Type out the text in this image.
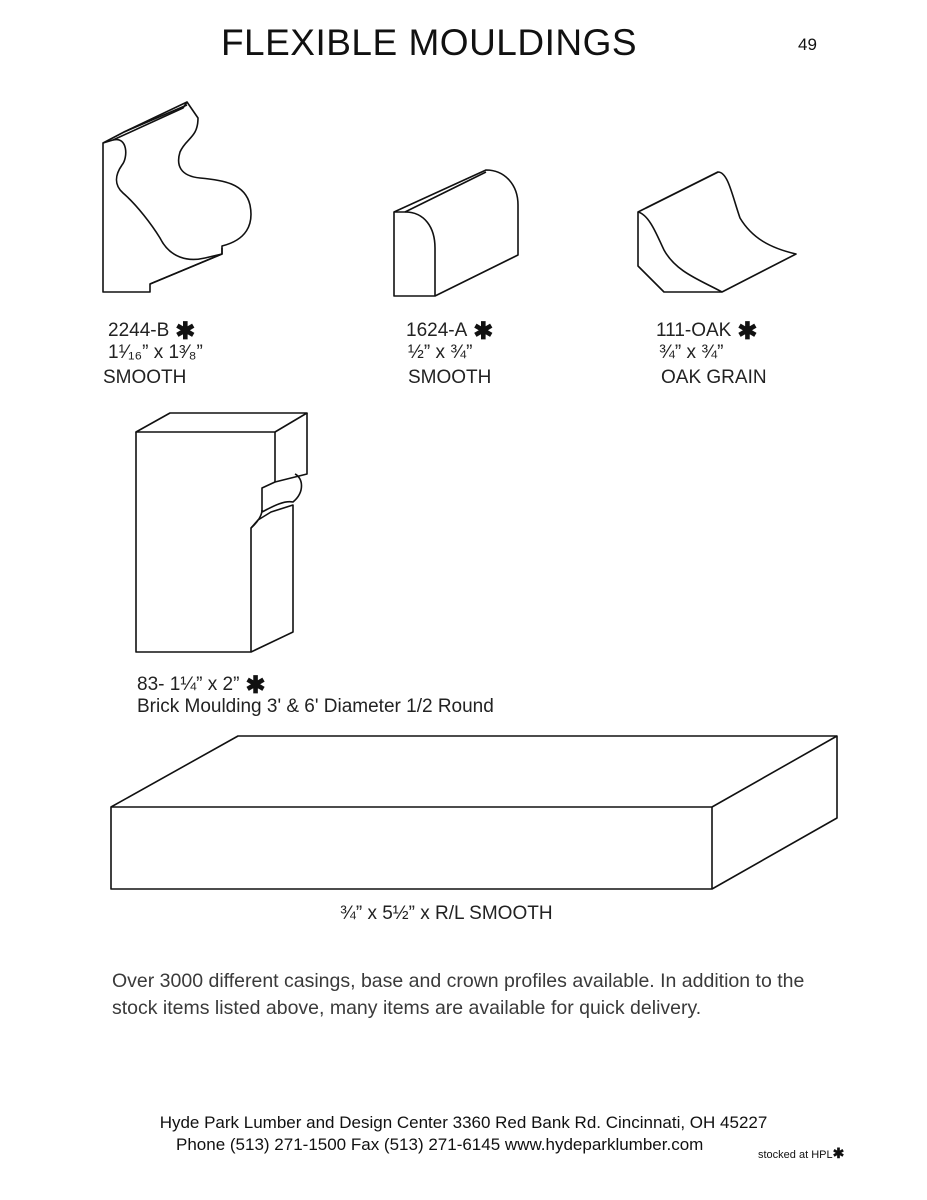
FLEXIBLE MOULDINGS	49
2244-B ✱
1¹⁄₁₆” x 1³⁄₈”
SMOOTH
1624-A ✱
½” x ¾”
SMOOTH
111-OAK ✱
¾” x ¾”
OAK GRAIN
83- 1¼” x 2” ✱
Brick Moulding 3' & 6' Diameter 1/2 Round
¾” x 5½” x R/L SMOOTH
Over 3000 different casings, base and crown profiles available. In addition to the stock items listed above, many items are available for quick delivery.
Hyde Park Lumber and Design Center 3360 Red Bank Rd. Cincinnati, OH 45227
Phone (513) 271-1500 Fax (513) 271-6145 www.hydeparklumber.com
stocked at HPL✱
